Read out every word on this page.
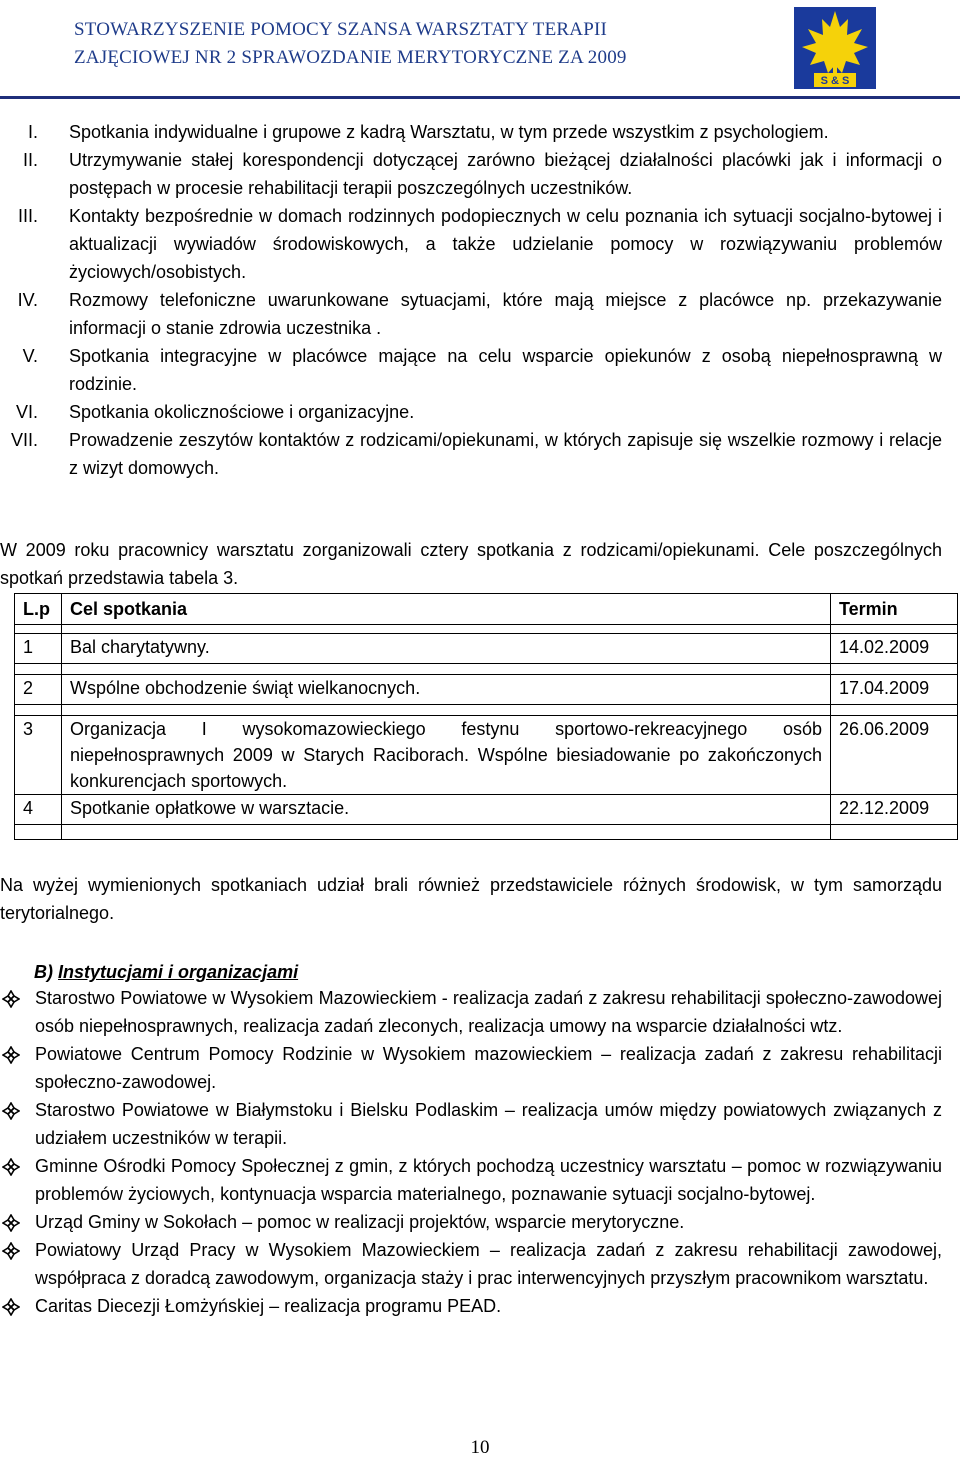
STOWARZYSZENIE POMOCY SZANSA WARSZTATY TERAPII
ZAJĘCIOWEJ NR 2 SPRAWOZDANIE MERYTORYCZNE ZA 2009
S & S
I. Spotkania indywidualne i grupowe z kadrą Warsztatu, w tym przede wszystkim z psychologiem.
II. Utrzymywanie stałej korespondencji dotyczącej zarówno bieżącej działalności placówki jak i informacji o postępach w procesie rehabilitacji terapii poszczególnych uczestników.
III. Kontakty bezpośrednie w domach rodzinnych podopiecznych w celu poznania ich sytuacji socjalno-bytowej i aktualizacji wywiadów środowiskowych, a także udzielanie pomocy w rozwiązywaniu problemów życiowych/osobistych.
IV. Rozmowy telefoniczne uwarunkowane sytuacjami, które mają miejsce z placówce np. przekazywanie informacji o stanie zdrowia uczestnika .
V. Spotkania integracyjne w placówce mające na celu wsparcie opiekunów z osobą niepełnosprawną w rodzinie.
VI. Spotkania okolicznościowe i organizacyjne.
VII. Prowadzenie zeszytów kontaktów z rodzicami/opiekunami, w których zapisuje się wszelkie rozmowy i relacje z wizyt domowych.
W 2009 roku pracownicy warsztatu zorganizowali cztery spotkania z rodzicami/opiekunami. Cele poszczególnych spotkań przedstawia tabela 3.
L.p	Cel spotkania	Termin

1	Bal charytatywny.	14.02.2009

2	Wspólne obchodzenie świąt wielkanocnych.	17.04.2009

3	Organizacja I wysokomazowieckiego festynu sportowo-rekreacyjnego osób niepełnosprawnych 2009 w Starych Raciborach. Wspólne biesiadowanie po zakończonych konkurencjach sportowych.	26.06.2009
4	Spotkanie opłatkowe w warsztacie.	22.12.2009

Na wyżej wymienionych spotkaniach udział brali również przedstawiciele różnych środowisk, w tym samorządu terytorialnego.
B) Instytucjami i organizacjami
Starostwo Powiatowe w Wysokiem Mazowieckiem - realizacja zadań z zakresu rehabilitacji społeczno-zawodowej osób niepełnosprawnych, realizacja zadań zleconych, realizacja umowy na wsparcie działalności wtz.
Powiatowe Centrum Pomocy Rodzinie w Wysokiem mazowieckiem – realizacja zadań z zakresu rehabilitacji społeczno-zawodowej.
Starostwo Powiatowe w Białymstoku i Bielsku Podlaskim – realizacja umów między powiatowych związanych z udziałem uczestników w terapii.
Gminne Ośrodki Pomocy Społecznej z gmin, z których pochodzą uczestnicy warsztatu – pomoc w rozwiązywaniu problemów życiowych, kontynuacja wsparcia materialnego, poznawanie sytuacji socjalno-bytowej.
Urząd Gminy w Sokołach – pomoc w realizacji projektów, wsparcie merytoryczne.
Powiatowy Urząd Pracy w Wysokiem Mazowieckiem – realizacja zadań z zakresu rehabilitacji zawodowej, współpraca z doradcą zawodowym, organizacja staży i prac interwencyjnych przyszłym pracownikom warsztatu.
Caritas Diecezji Łomżyńskiej – realizacja programu PEAD.
10
